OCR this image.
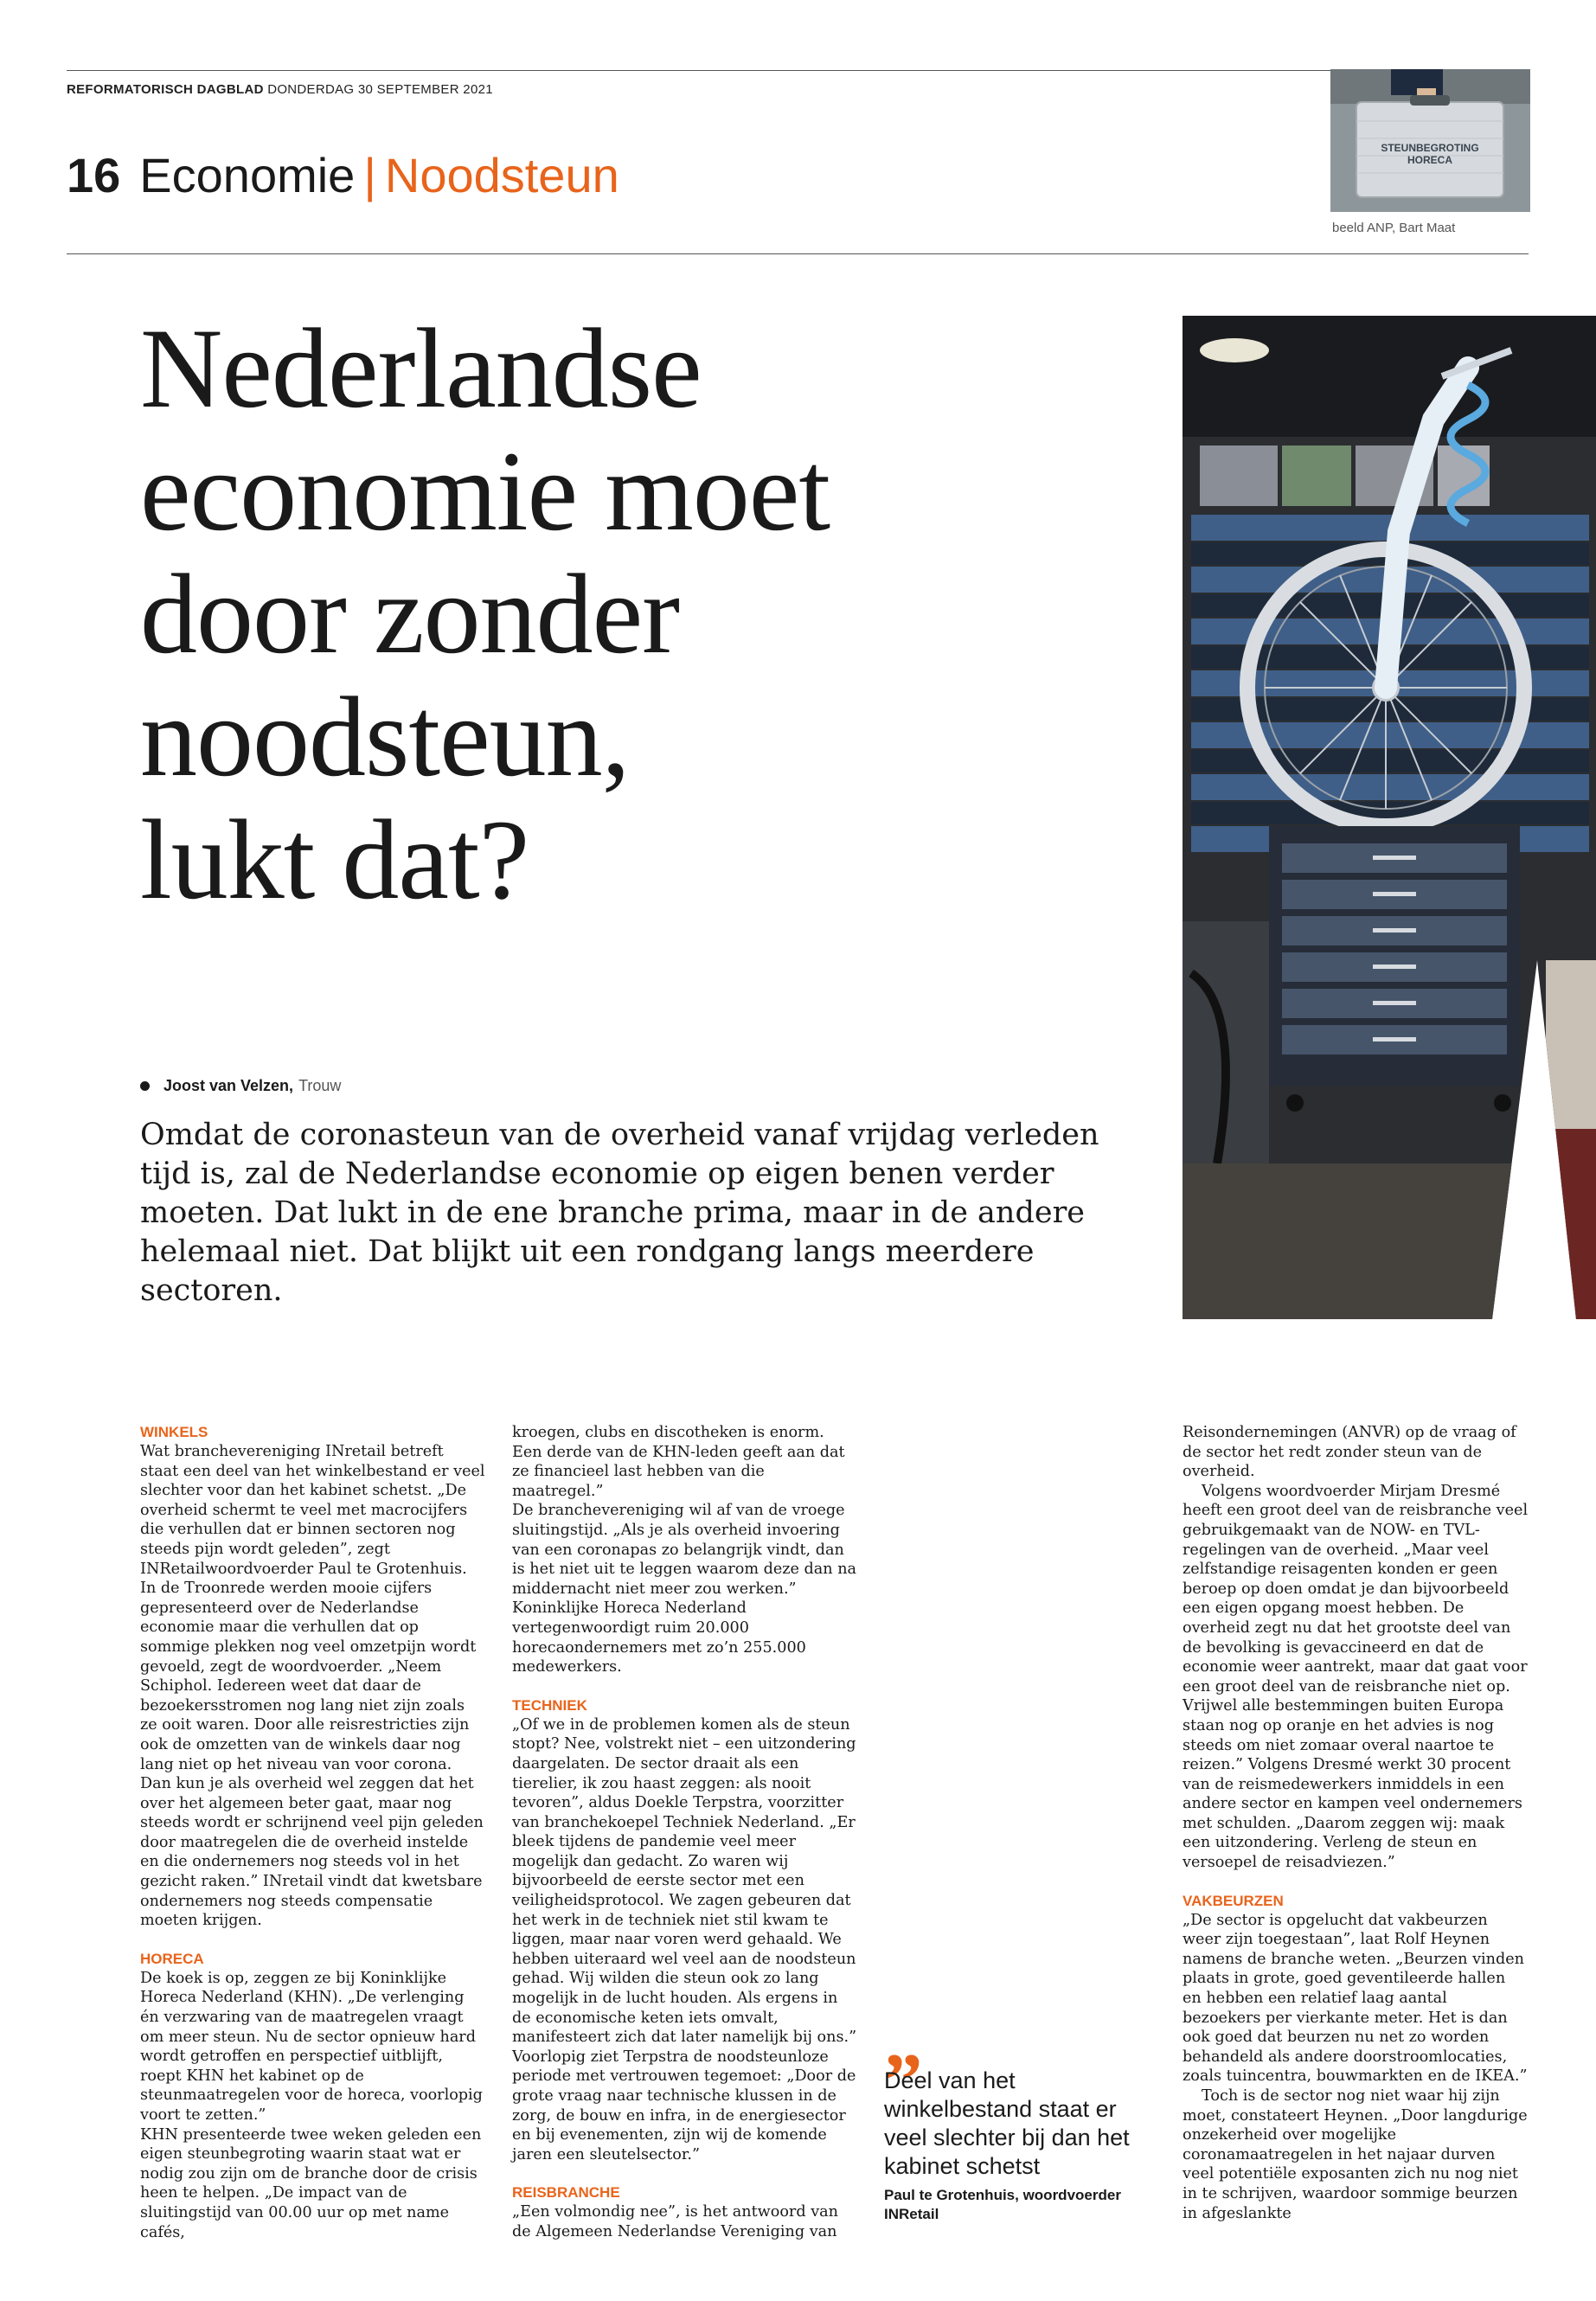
REFORMATORISCH DAGBLAD DONDERDAG 30 SEPTEMBER 2021
16 Economie | Noodsteun	STEUNBEGROTING
HORECA
beeld ANP, Bart Maat
Nederlandse
economie moet
door zonder
noodsteun,
lukt dat?
Joost van Velzen, Trouw

Omdat de coronasteun van de overheid vanaf vrijdag verleden tijd is, zal de Nederlandse economie op eigen benen verder moeten. Dat lukt in de ene branche prima, maar in de andere helemaal niet. Dat blijkt uit een rondgang langs meerdere sectoren.

WINKELS

Wat branchevereniging INretail betreft staat een deel van het winkelbestand er veel slechter voor dan het kabinet schetst. „De overheid schermt te veel met macrocijfers die verhullen dat er binnen sectoren nog steeds pijn wordt geleden”, zegt INRetailwoordvoerder Paul te Grotenhuis.

In de Troonrede werden mooie cijfers gepresenteerd over de Nederlandse economie maar die verhullen dat op sommige plekken nog veel omzetpijn wordt gevoeld, zegt de woordvoerder. „Neem Schiphol. Iedereen weet dat daar de bezoekersstromen nog lang niet zijn zoals ze ooit waren. Door alle reisrestricties zijn ook de omzetten van de winkels daar nog lang niet op het niveau van voor corona. Dan kun je als overheid wel zeggen dat het over het algemeen beter gaat, maar nog steeds wordt er schrijnend veel pijn geleden door maatregelen die de overheid instelde en die ondernemers nog steeds vol in het gezicht raken.” INretail vindt dat kwetsbare ondernemers nog steeds compensatie moeten krijgen.

HORECA

De koek is op, zeggen ze bij Koninklijke Horeca Nederland (KHN). „De verlenging én verzwaring van de maatregelen vraagt om meer steun. Nu de sector opnieuw hard wordt getroffen en perspectief uitblijft, roept KHN het kabinet op de steunmaatregelen voor de horeca, voorlopig voort te zetten.”

KHN presenteerde twee weken geleden een eigen steunbegroting waarin staat wat er nodig zou zijn om de branche door de crisis heen te helpen. „De impact van de sluitingstijd van 00.00 uur op met name cafés,

kroegen, clubs en discotheken is enorm. Een derde van de KHN-leden geeft aan dat ze financieel last hebben van die maatregel.”

De branchevereniging wil af van de vroege sluitingstijd. „Als je als overheid invoering van een coronapas zo belangrijk vindt, dan is het niet uit te leggen waarom deze dan na middernacht niet meer zou werken.” Koninklijke Horeca Nederland vertegenwoordigt ruim 20.000 horecaondernemers met zo’n 255.000 medewerkers.

TECHNIEK

„Of we in de problemen komen als de steun stopt? Nee, volstrekt niet – een uitzondering daargelaten. De sector draait als een tierelier, ik zou haast zeggen: als nooit tevoren”, aldus Doekle Terpstra, voorzitter van branchekoepel Techniek Nederland. „Er bleek tijdens de pandemie veel meer mogelijk dan gedacht. Zo waren wij bijvoorbeeld de eerste sector met een veiligheidsprotocol. We zagen gebeuren dat het werk in de techniek niet stil kwam te liggen, maar naar voren werd gehaald. We hebben uiteraard wel veel aan de noodsteun gehad. Wij wilden die steun ook zo lang mogelijk in de lucht houden. Als ergens in de economische keten iets omvalt, manifesteert zich dat later namelijk bij ons.”

Voorlopig ziet Terpstra de noodsteunloze periode met vertrouwen tegemoet: „Door de grote vraag naar technische klussen in de zorg, de bouw en infra, in de energiesector en bij evenementen, zijn wij de komende jaren een sleutelsector.”

REISBRANCHE

„Een volmondig nee”, is het antwoord van de Algemeen Nederlandse Vereniging van

„
Deel van het winkelbestand staat er veel slechter bij dan het kabinet schetst
Paul te Grotenhuis, woordvoerder INRetail

Reisondernemingen (ANVR) op de vraag of de sector het redt zonder steun van de overheid.

Volgens woordvoerder Mirjam Dresmé heeft een groot deel van de reisbranche veel gebruikgemaakt van de NOW- en TVL-regelingen van de overheid. „Maar veel zelfstandige reisagenten konden er geen beroep op doen omdat je dan bijvoorbeeld een eigen opgang moest hebben. De overheid zegt nu dat het grootste deel van de bevolking is gevaccineerd en dat de economie weer aantrekt, maar dat gaat voor een groot deel van de reisbranche niet op. Vrijwel alle bestemmingen buiten Europa staan nog op oranje en het advies is nog steeds om niet zomaar overal naartoe te reizen.” Volgens Dresmé werkt 30 procent van de reismedewerkers inmiddels in een andere sector en kampen veel ondernemers met schulden. „Daarom zeggen wij: maak een uitzondering. Verleng de steun en versoepel de reisadviezen.”

VAKBEURZEN

„De sector is opgelucht dat vakbeurzen weer zijn toegestaan”, laat Rolf Heynen namens de branche weten. „Beurzen vinden plaats in grote, goed geventileerde hallen en hebben een relatief laag aantal bezoekers per vierkante meter. Het is dan ook goed dat beurzen nu net zo worden behandeld als andere doorstroomlocaties, zoals tuincentra, bouwmarkten en de IKEA.”

Toch is de sector nog niet waar hij zijn moet, constateert Heynen. „Door langdurige onzekerheid over mogelijke coronamaatregelen in het najaar durven veel potentiële exposanten zich nu nog niet in te schrijven, waardoor sommige beurzen in afgeslankte
